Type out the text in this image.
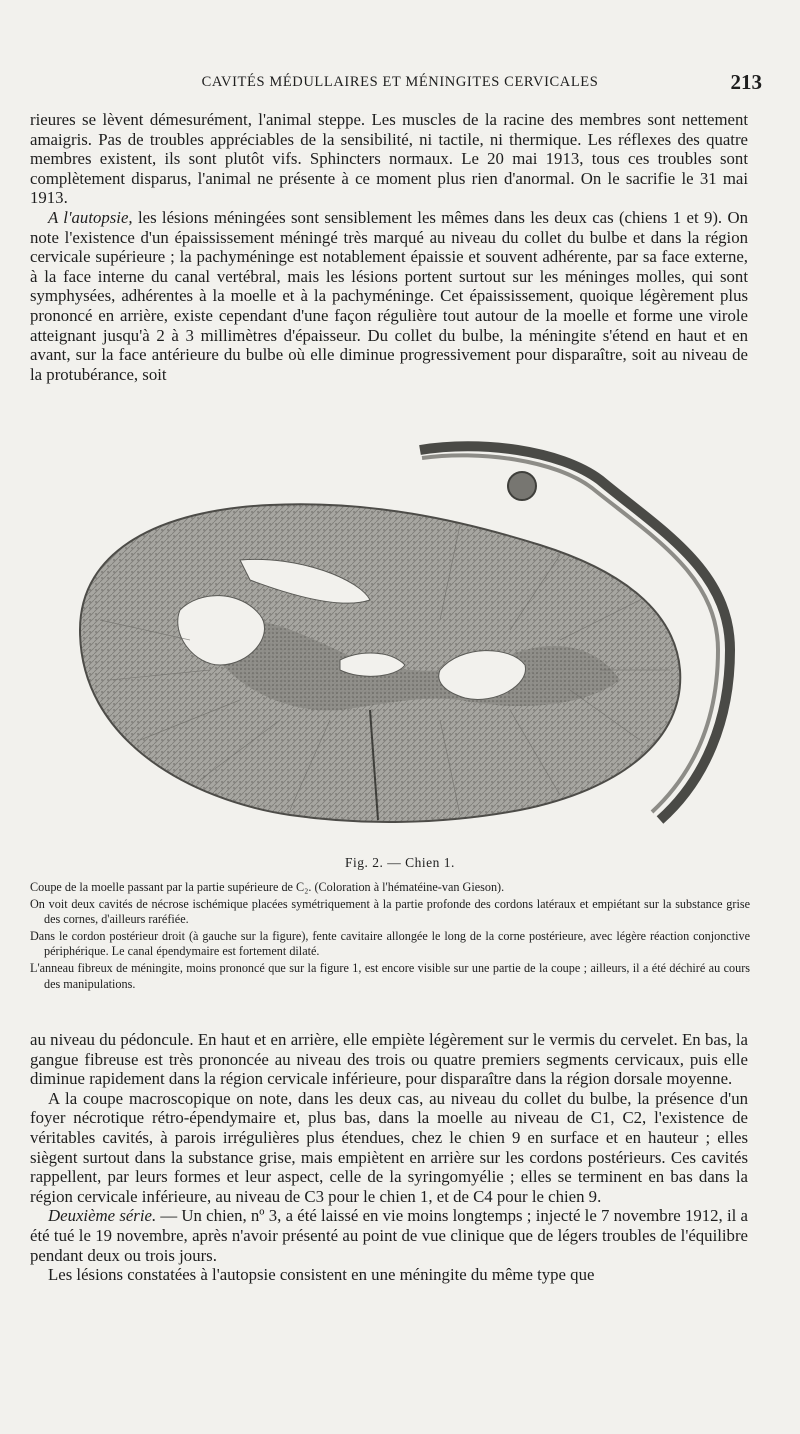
CAVITÉS MÉDULLAIRES ET MÉNINGITES CERVICALES	213

rieures se lèvent démesurément, l'animal steppe. Les muscles de la racine des membres sont nettement amaigris. Pas de troubles appréciables de la sensibilité, ni tactile, ni thermique. Les réflexes des quatre membres existent, ils sont plutôt vifs. Sphincters normaux. Le 20 mai 1913, tous ces troubles sont complètement disparus, l'animal ne présente à ce moment plus rien d'anormal. On le sacrifie le 31 mai 1913.

A l'autopsie, les lésions méningées sont sensiblement les mêmes dans les deux cas (chiens 1 et 9). On note l'existence d'un épaississement méningé très marqué au niveau du collet du bulbe et dans la région cervicale supérieure ; la pachyméninge est notablement épaissie et souvent adhérente, par sa face externe, à la face interne du canal vertébral, mais les lésions portent surtout sur les méninges molles, qui sont symphysées, adhérentes à la moelle et à la pachyméninge. Cet épaississement, quoique légèrement plus prononcé en arrière, existe cependant d'une façon régulière tout autour de la moelle et forme une virole atteignant jusqu'à 2 à 3 millimètres d'épaisseur. Du collet du bulbe, la méningite s'étend en haut et en avant, sur la face antérieure du bulbe où elle diminue progressivement pour disparaître, soit au niveau de la protubérance, soit

Fig. 2. — Chien 1.

Coupe de la moelle passant par la partie supérieure de C₂. (Coloration à l'hématéine-van Gieson).

On voit deux cavités de nécrose ischémique placées symétriquement à la partie profonde des cordons latéraux et empiétant sur la substance grise des cornes, d'ailleurs raréfiée.

Dans le cordon postérieur droit (à gauche sur la figure), fente cavitaire allongée le long de la corne postérieure, avec légère réaction conjonctive périphérique. Le canal épendymaire est fortement dilaté.

L'anneau fibreux de méningite, moins prononcé que sur la figure 1, est encore visible sur une partie de la coupe ; ailleurs, il a été déchiré au cours des manipulations.

au niveau du pédoncule. En haut et en arrière, elle empiète légèrement sur le vermis du cervelet. En bas, la gangue fibreuse est très prononcée au niveau des trois ou quatre premiers segments cervicaux, puis elle diminue rapidement dans la région cervicale inférieure, pour disparaître dans la région dorsale moyenne.

A la coupe macroscopique on note, dans les deux cas, au niveau du collet du bulbe, la présence d'un foyer nécrotique rétro-épendymaire et, plus bas, dans la moelle au niveau de C1, C2, l'existence de véritables cavités, à parois irrégulières plus étendues, chez le chien 9 en surface et en hauteur ; elles siègent surtout dans la substance grise, mais empiètent en arrière sur les cordons postérieurs. Ces cavités rappellent, par leurs formes et leur aspect, celle de la syringomyélie ; elles se terminent en bas dans la région cervicale inférieure, au niveau de C3 pour le chien 1, et de C4 pour le chien 9.

Deuxième série. — Un chien, nº 3, a été laissé en vie moins longtemps ; injecté le 7 novembre 1912, il a été tué le 19 novembre, après n'avoir présenté au point de vue clinique que de légers troubles de l'équilibre pendant deux ou trois jours.

Les lésions constatées à l'autopsie consistent en une méningite du même type que
